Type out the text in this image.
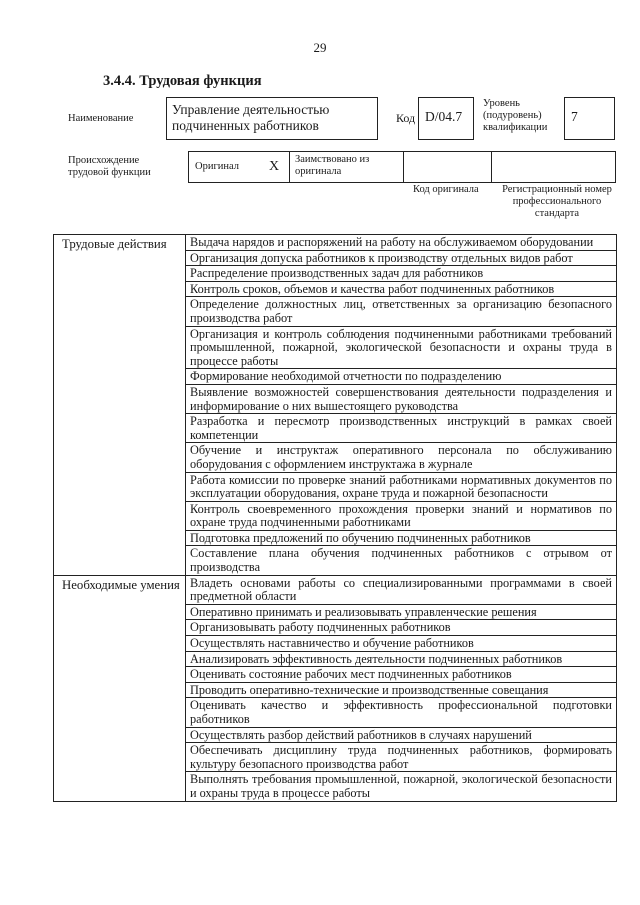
29
3.4.4. Трудовая функция
Наименование
Управление деятельностью подчиненных работников	Код D/04.7
Уровень (подуровень) квалификации
7
Происхождение трудовой функции
Оригинал X Заимствовано из оригинала
Код оригинала	Регистрационный номер профессионального стандарта
Трудовые действия	Выдача нарядов и распоряжений на работу на обслуживаемом оборудовании
	Организация допуска работников к производству отдельных видов работ
	Распределение производственных задач для работников
	Контроль сроков, объемов и качества работ подчиненных работников
	Определение должностных лиц, ответственных за организацию безопасного производства работ
	Организация и контроль соблюдения подчиненными работниками требований промышленной, пожарной, экологической безопасности и охраны труда в процессе работы
	Формирование необходимой отчетности по подразделению
	Выявление возможностей совершенствования деятельности подразделения и информирование о них вышестоящего руководства
	Разработка и пересмотр производственных инструкций в рамках своей компетенции
	Обучение и инструктаж оперативного персонала по обслуживанию оборудования с оформлением инструктажа в журнале
	Работа комиссии по проверке знаний работниками нормативных документов по эксплуатации оборудования, охране труда и пожарной безопасности
	Контроль своевременного прохождения проверки знаний и нормативов по охране труда подчиненными работниками
	Подготовка предложений по обучению подчиненных работников
	Составление плана обучения подчиненных работников с отрывом от производства
Необходимые умения	Владеть основами работы со специализированными программами в своей предметной области
	Оперативно принимать и реализовывать управленческие решения
	Организовывать работу подчиненных работников
	Осуществлять наставничество и обучение работников
	Анализировать эффективность деятельности подчиненных работников
	Оценивать состояние рабочих мест подчиненных работников
	Проводить оперативно-технические и производственные совещания
	Оценивать качество и эффективность профессиональной подготовки работников
	Осуществлять разбор действий работников в случаях нарушений
	Обеспечивать дисциплину труда подчиненных работников, формировать культуру безопасного производства работ
	Выполнять требования промышленной, пожарной, экологической безопасности и охраны труда в процессе работы
